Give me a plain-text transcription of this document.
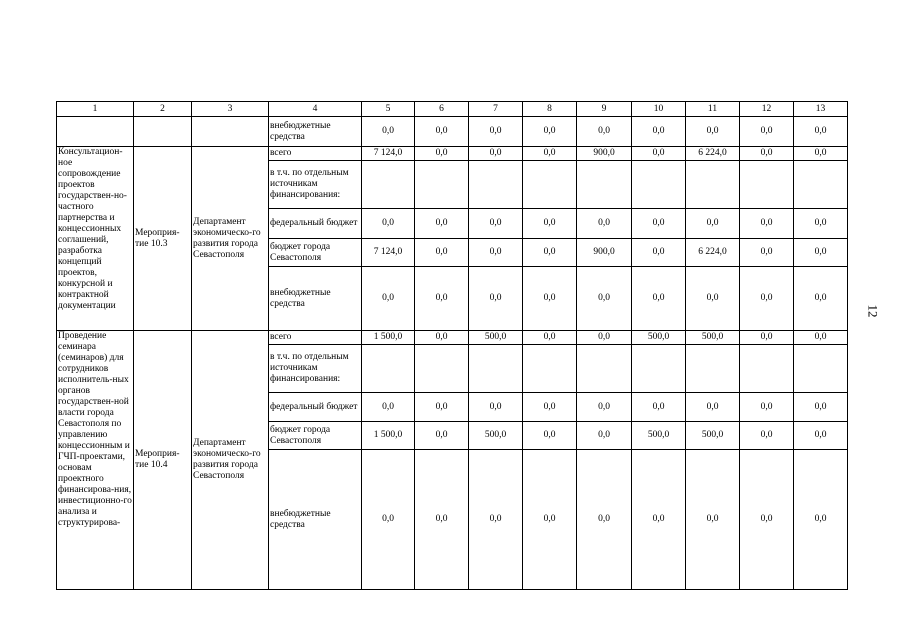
12
1	2	3	4	5	6	7	8	9	10	11	12	13
			внебюджетные средства	0,0	0,0	0,0	0,0	0,0	0,0	0,0	0,0	0,0
Консультацион-ное сопровождение проектов государствен-но-частного партнерства и концессионных соглашений, разработка концепций проектов, конкурсной и контрактной документации	Мероприя-тие 10.3	Департамент экономическо-го развития города Севастополя	всего	7 124,0	0,0	0,0	0,0	900,0	0,0	6 224,0	0,0	0,0
			в т.ч. по отдельным источникам финансирования:									
			федеральный бюджет	0,0	0,0	0,0	0,0	0,0	0,0	0,0	0,0	0,0
			бюджет города Севастополя	7 124,0	0,0	0,0	0,0	900,0	0,0	6 224,0	0,0	0,0
			внебюджетные средства	0,0	0,0	0,0	0,0	0,0	0,0	0,0	0,0	0,0
Проведение семинара (семинаров) для сотрудников исполнитель-ных органов государствен-ной власти города Севастополя по управлению концессионным и ГЧП-проектами, основам проектного финансирова-ния, инвестиционно-го анализа и структурирова-	Мероприя-тие 10.4	Департамент экономическо-го развития города Севастополя	всего	1 500,0	0,0	500,0	0,0	0,0	500,0	500,0	0,0	0,0
			в т.ч. по отдельным источникам финансирования:									
			федеральный бюджет	0,0	0,0	0,0	0,0	0,0	0,0	0,0	0,0	0,0
			бюджет города Севастополя	1 500,0	0,0	500,0	0,0	0,0	500,0	500,0	0,0	0,0
			внебюджетные средства	0,0	0,0	0,0	0,0	0,0	0,0	0,0	0,0	0,0
